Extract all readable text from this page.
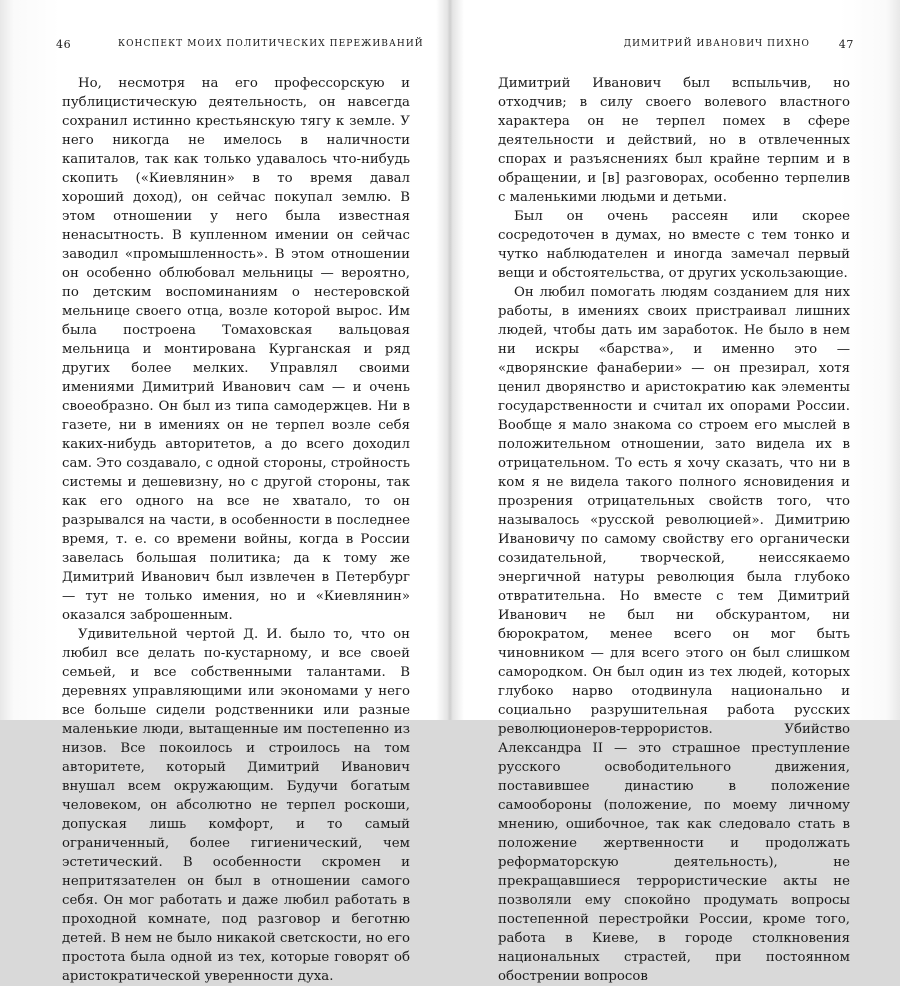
46	КОНСПЕКТ МОИХ ПОЛИТИЧЕСКИХ ПЕРЕЖИВАНИЙ

Но, несмотря на его профессорскую и публицистическую деятельность, он навсегда сохранил истинно крестьянскую тягу к земле. У него никогда не имелось в наличности капиталов, так как только удавалось что-нибудь скопить («Киевлянин» в то время давал хороший доход), он сейчас покупал землю. В этом отношении у него была известная ненасытность. В купленном имении он сейчас заводил «промышленность». В этом отношении он особенно облюбовал мельницы — вероятно, по детским воспоминаниям о нестеровской мельнице своего отца, возле которой вырос. Им была построена Томаховская вальцовая мельница и монтирована Курганская и ряд других более мелких. Управлял своими имениями Димитрий Иванович сам — и очень своеобразно. Он был из типа самодержцев. Ни в газете, ни в имениях он не терпел возле себя каких-нибудь авторитетов, а до всего доходил сам. Это создавало, с одной стороны, стройность системы и дешевизну, но с другой стороны, так как его одного на все не хватало, то он разрывался на части, в особенности в последнее время, т. е. со времени войны, когда в России завелась большая политика; да к тому же Димитрий Иванович был извлечен в Петербург — тут не только имения, но и «Киевлянин» оказался заброшенным.

Удивительной чертой Д. И. было то, что он любил все делать по-кустарному, и все своей семьей, и все собственными талантами. В деревнях управляющими или экономами у него все больше сидели родственники или разные маленькие люди, вытащенные им постепенно из низов. Все покоилось и строилось на том авторитете, который Димитрий Иванович внушал всем окружающим. Будучи богатым человеком, он абсолютно не терпел роскоши, допуская лишь комфорт, и то самый ограниченный, более гигиенический, чем эстетический. В особенности скромен и непритязателен он был в отношении самого себя. Он мог работать и даже любил работать в проходной комнате, под разговор и беготню детей. В нем не было никакой светскости, но его простота была одной из тех, которые говорят об аристократической уверенности духа.

ДИМИТРИЙ ИВАНОВИЧ ПИХНО	47

Димитрий Иванович был вспыльчив, но отходчив; в силу своего волевого властного характера он не терпел помех в сфере деятельности и действий, но в отвлеченных спорах и разъяснениях был крайне терпим и в обращении, и [в] разговорах, особенно терпелив с маленькими людьми и детьми.

Был он очень рассеян или скорее сосредоточен в думах, но вместе с тем тонко и чутко наблюдателен и иногда замечал первый вещи и обстоятельства, от других ускользающие.

Он любил помогать людям созданием для них работы, в имениях своих пристраивал лишних людей, чтобы дать им заработок. Не было в нем ни искры «барства», и именно это — «дворянские фанаберии» — он презирал, хотя ценил дворянство и аристократию как элементы государственности и считал их опорами России. Вообще я мало знакома со строем его мыслей в положительном отношении, зато видела их в отрицательном. То есть я хочу сказать, что ни в ком я не видела такого полного ясновидения и прозрения отрицательных свойств того, что называлось «русской революцией». Димитрию Ивановичу по самому свойству его органически созидательной, творческой, неиссякаемо энергичной натуры революция была глубоко отвратительна. Но вместе с тем Димитрий Иванович не был ни обскурантом, ни бюрократом, менее всего он мог быть чиновником — для всего этого он был слишком самородком. Он был один из тех людей, которых глубоко нарво отодвинула национально и социально разрушительная работа русских революционеров-террористов. Убийство Александра II — это страшное преступление русского освободительного движения, поставившее династию в положение самообороны (положение, по моему личному мнению, ошибочное, так как следовало стать в положение жертвенности и продолжать реформаторскую деятельность), не прекращавшиеся террористические акты не позволяли ему спокойно продумать вопросы постепенной перестройки России, кроме того, работа в Киеве, в городе столкновения национальных страстей, при постоянном обострении вопросов
